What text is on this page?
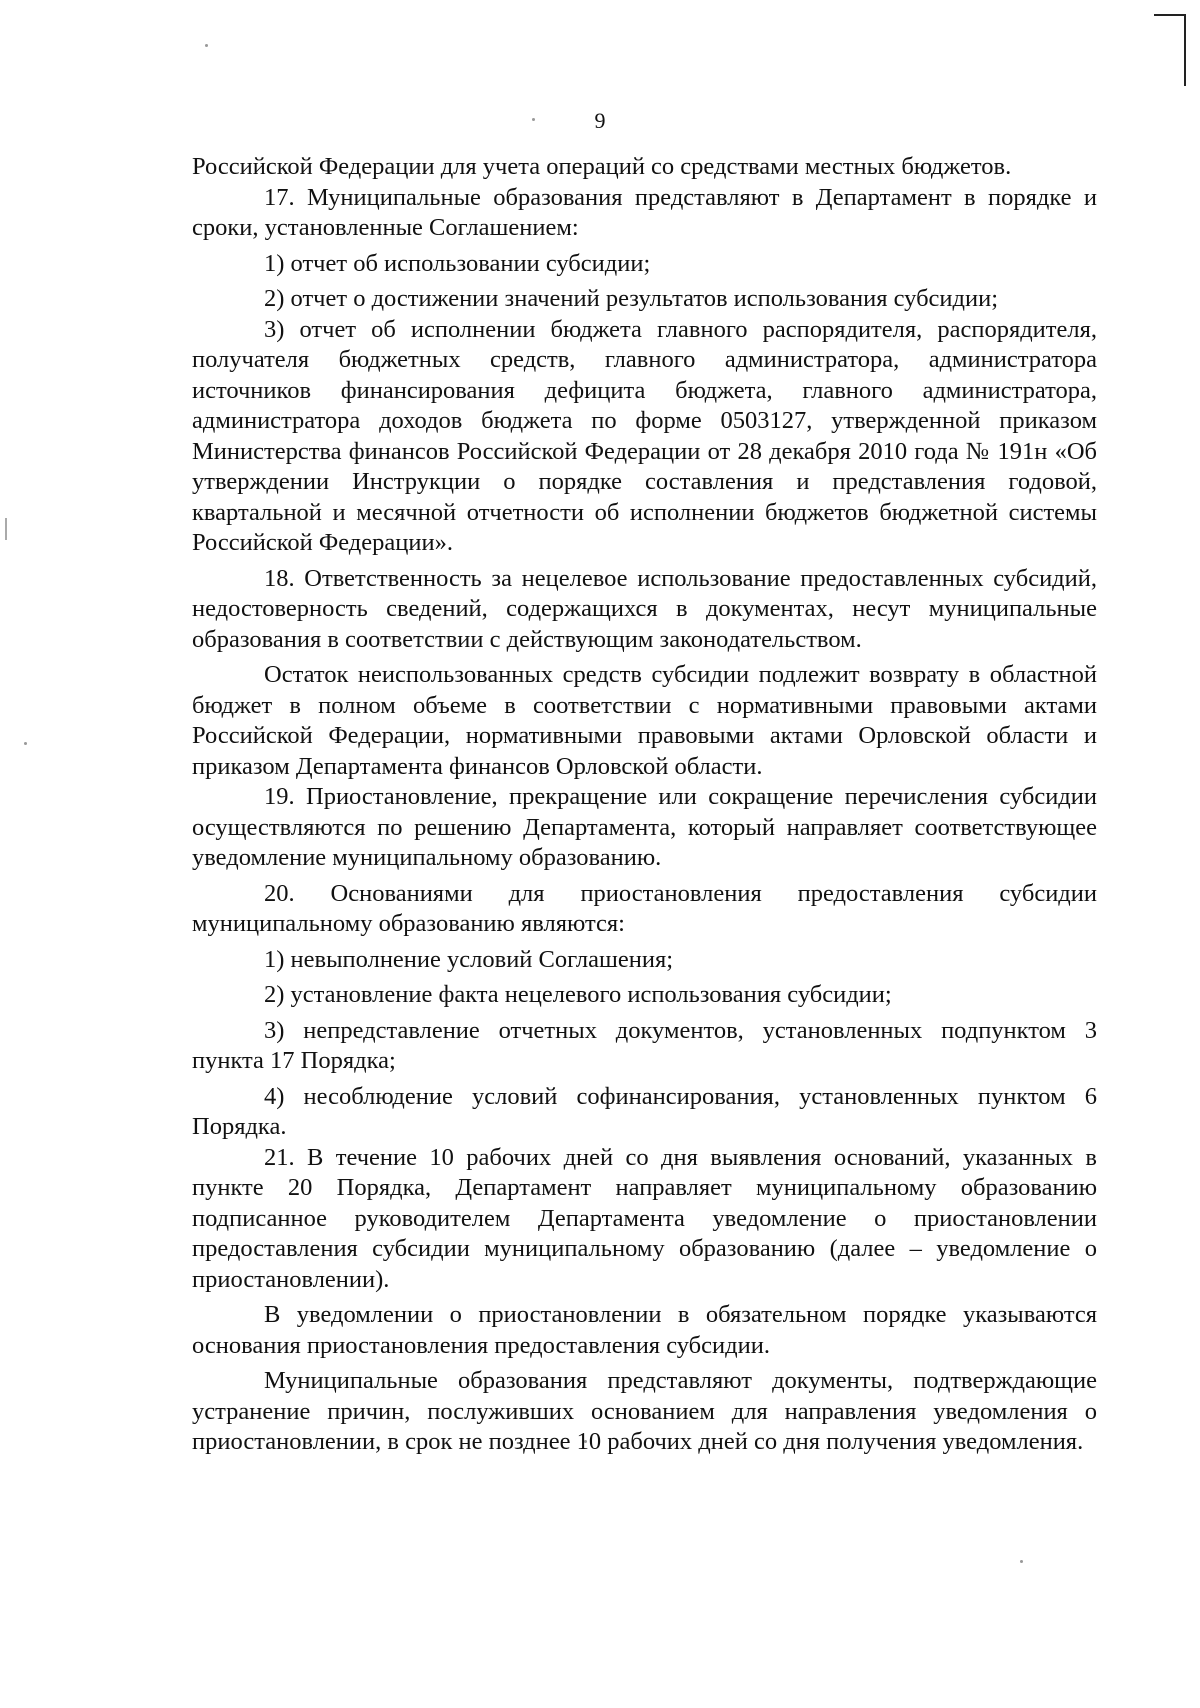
9

Российской Федерации для учета операций со средствами местных бюджетов.

17. Муниципальные образования представляют в Департамент в порядке и сроки, установленные Соглашением:

1) отчет об использовании субсидии;

2) отчет о достижении значений результатов использования субсидии;

3) отчет об исполнении бюджета главного распорядителя, распорядителя, получателя бюджетных средств, главного администратора, администратора источников финансирования дефицита бюджета, главного администратора, администратора доходов бюджета по форме 0503127, утвержденной приказом Министерства финансов Российской Федерации от 28 декабря 2010 года № 191н «Об утверждении Инструкции о порядке составления и представления годовой, квартальной и месячной отчетности об исполнении бюджетов бюджетной системы Российской Федерации».

18. Ответственность за нецелевое использование предоставленных субсидий, недостоверность сведений, содержащихся в документах, несут муниципальные образования в соответствии с действующим законодательством.

Остаток неиспользованных средств субсидии подлежит возврату в областной бюджет в полном объеме в соответствии с нормативными правовыми актами Российской Федерации, нормативными правовыми актами Орловской области и приказом Департамента финансов Орловской области.

19. Приостановление, прекращение или сокращение перечисления субсидии осуществляются по решению Департамента, который направляет соответствующее уведомление муниципальному образованию.

20. Основаниями для приостановления предоставления субсидии муниципальному образованию являются:

1) невыполнение условий Соглашения;

2) установление факта нецелевого использования субсидии;

3) непредставление отчетных документов, установленных подпунктом 3 пункта 17 Порядка;

4) несоблюдение условий софинансирования, установленных пунктом 6 Порядка.

21. В течение 10 рабочих дней со дня выявления оснований, указанных в пункте 20 Порядка, Департамент направляет муниципальному образованию подписанное руководителем Департамента уведомление о приостановлении предоставления субсидии муниципальному образованию (далее – уведомление о приостановлении).

В уведомлении о приостановлении в обязательном порядке указываются основания приостановления предоставления субсидии.

Муниципальные образования представляют документы, подтверждающие устранение причин, послуживших основанием для направления уведомления о приостановлении, в срок не позднее 10 рабочих дней со дня получения уведомления.
